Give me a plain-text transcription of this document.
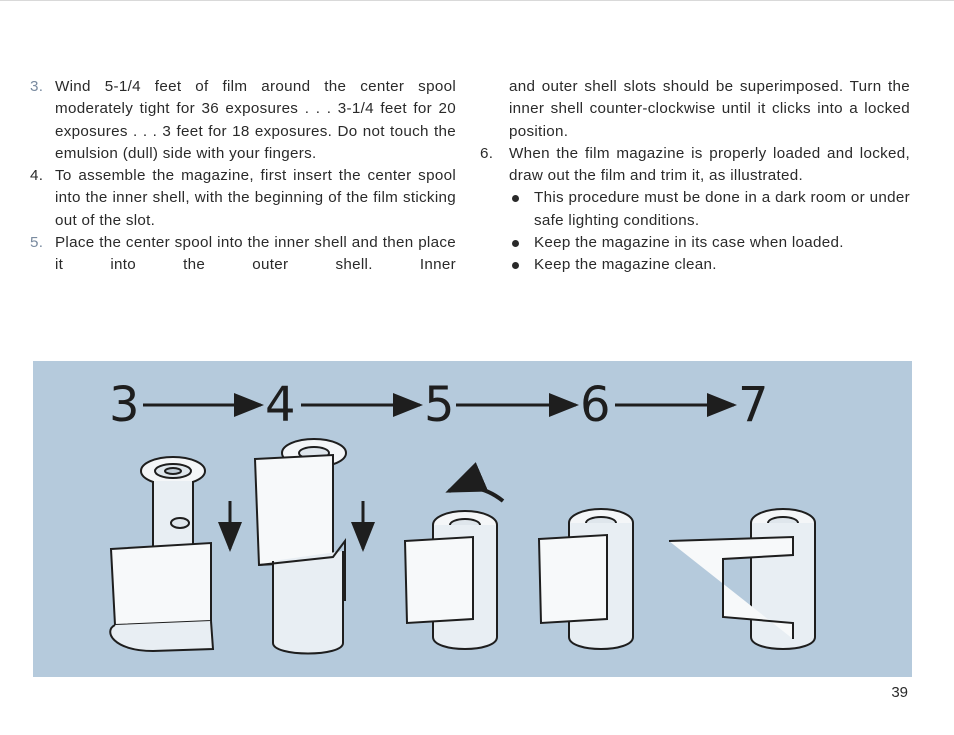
3. Wind 5-1/4 feet of film around the center spool moderately tight for 36 exposures . . . 3-1/4 feet for 20 exposures . . . 3 feet for 18 exposures. Do not touch the emulsion (dull) side with your fingers.
4. To assemble the magazine, first insert the center spool into the inner shell, with the beginning of the film sticking out of the slot.
5. Place the center spool into the inner shell and then place it into the outer shell. Inner
and outer shell slots should be superimposed. Turn the inner shell counter-clockwise until it clicks into a locked position.
6. When the film magazine is properly loaded and locked, draw out the film and trim it, as illustrated.
This procedure must be done in a dark room or under safe lighting conditions.
Keep the magazine in its case when loaded.
Keep the magazine clean.
3	4	5	6	7
39
